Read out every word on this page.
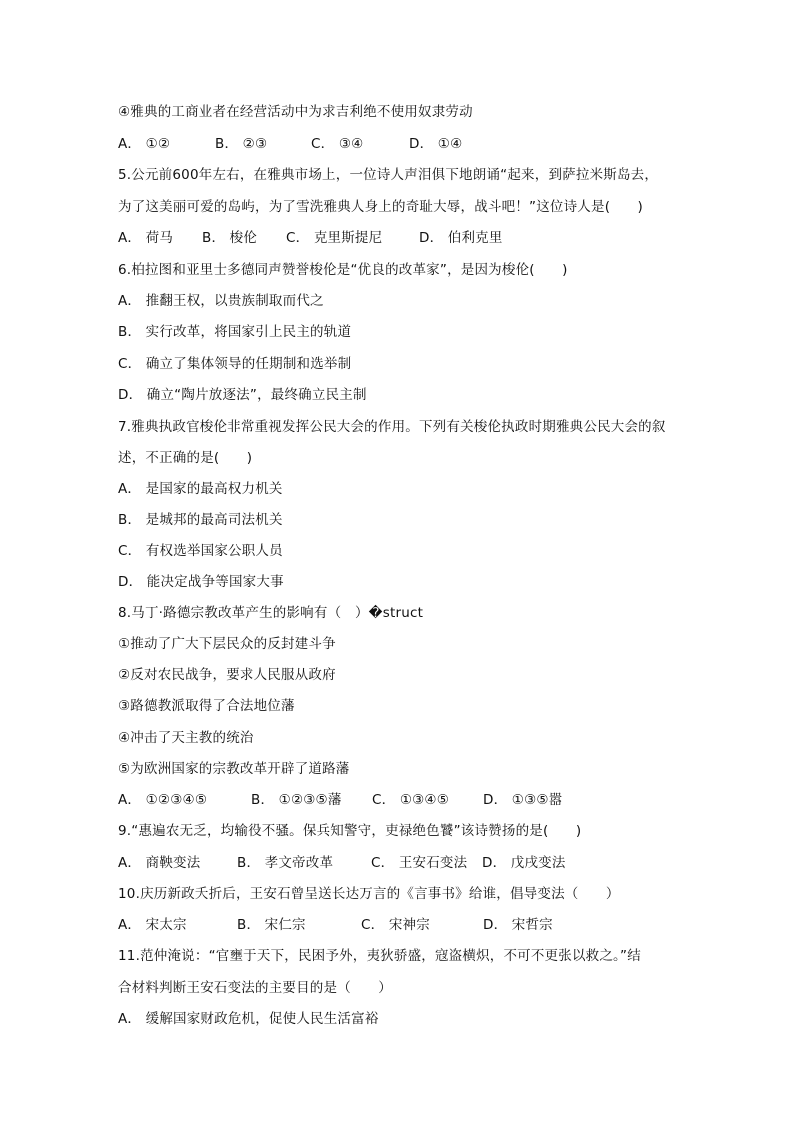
④雅典的工商业者在经营活动中为求吉利绝不使用奴隶劳动
A． ①②	B． ②③	C． ③④	D． ①④
5.公元前600年左右，在雅典市场上，一位诗人声泪俱下地朗诵“起来，到萨拉米斯岛去，
为了这美丽可爱的岛屿，为了雪洗雅典人身上的奇耻大辱，战斗吧！”这位诗人是(　　)
A． 荷马	B． 梭伦	C． 克里斯提尼	D． 伯利克里
6.柏拉图和亚里士多德同声赞誉梭伦是“优良的改革家”，是因为梭伦(　　)
A． 推翻王权，以贵族制取而代之
B． 实行改革，将国家引上民主的轨道
C． 确立了集体领导的任期制和选举制
D． 确立“陶片放逐法”，最终确立民主制
7.雅典执政官梭伦非常重视发挥公民大会的作用。下列有关梭伦执政时期雅典公民大会的叙
述，不正确的是(　　)
A． 是国家的最高权力机关
B． 是城邦的最高司法机关
C． 有权选举国家公职人员
D． 能决定战争等国家大事
8.马丁·路德宗教改革产生的影响有（　）�struct
①推动了广大下层民众的反封建斗争
②反对农民战争，要求人民服从政府
③路德教派取得了合法地位藩
④冲击了天主教的统治
⑤为欧洲国家的宗教改革开辟了道路藩
A． ①②③④⑤	B． ①②③⑤藩	C． ①③④⑤	D． ①③⑤嚣
9.“惠遍农无乏，均输役不骚。保兵知警守，吏禄绝色饕”该诗赞扬的是(　　)
A． 商鞅变法	B． 孝文帝改革	C． 王安石变法	D． 戊戌变法
10.庆历新政夭折后，王安石曾呈送长达万言的《言事书》给谁，倡导变法（　　）
A． 宋太宗	B． 宋仁宗	C． 宋神宗	D． 宋哲宗
11.范仲淹说：“官壅于天下，民困予外，夷狄骄盛，寇盗横炽，不可不更张以救之。”结
合材料判断王安石变法的主要目的是（　　）
A． 缓解国家财政危机，促使人民生活富裕
